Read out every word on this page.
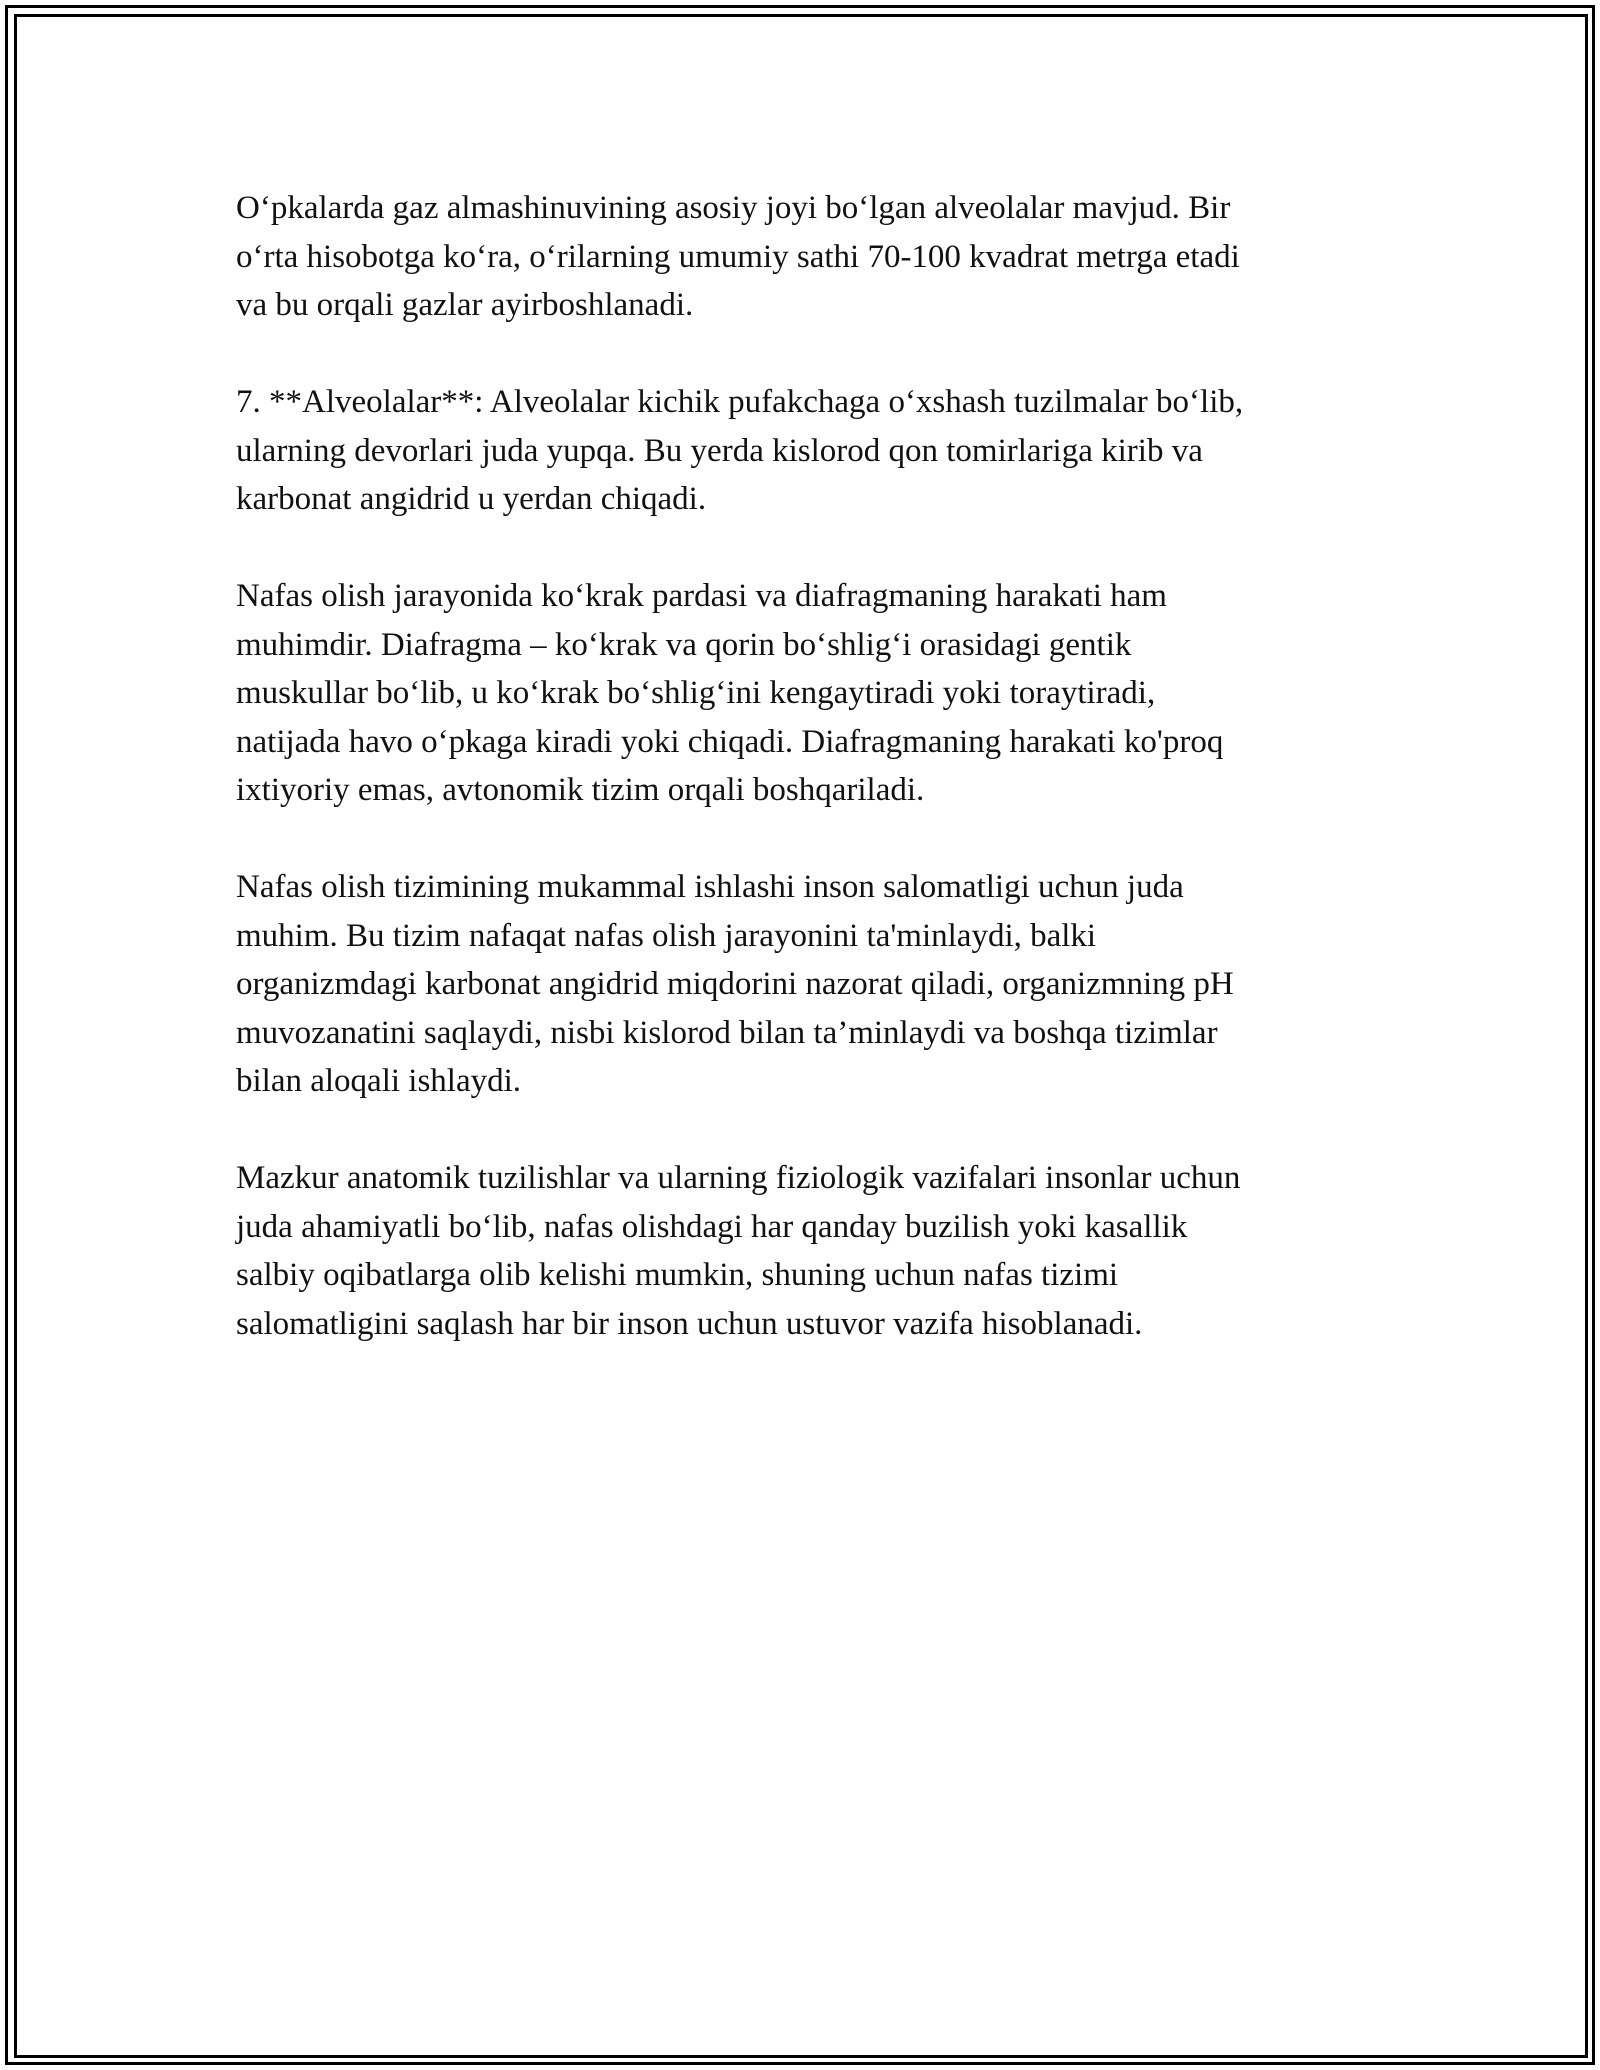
O‘pkalarda gaz almashinuvining asosiy joyi bo‘lgan alveolalar mavjud. Bir
o‘rta hisobotga ko‘ra, o‘rilarning umumiy sathi 70-100 kvadrat metrga etadi
va bu orqali gazlar ayirboshlanadi.

7. **Alveolalar**: Alveolalar kichik pufakchaga o‘xshash tuzilmalar bo‘lib,
ularning devorlari juda yupqa. Bu yerda kislorod qon tomirlariga kirib va
karbonat angidrid u yerdan chiqadi.

Nafas olish jarayonida ko‘krak pardasi va diafragmaning harakati ham
muhimdir. Diafragma – ko‘krak va qorin bo‘shlig‘i orasidagi gentik
muskullar bo‘lib, u ko‘krak bo‘shlig‘ini kengaytiradi yoki toraytiradi,
natijada havo o‘pkaga kiradi yoki chiqadi. Diafragmaning harakati ko'proq
ixtiyoriy emas, avtonomik tizim orqali boshqariladi.

Nafas olish tizimining mukammal ishlashi inson salomatligi uchun juda
muhim. Bu tizim nafaqat nafas olish jarayonini ta'minlaydi, balki
organizmdagi karbonat angidrid miqdorini nazorat qiladi, organizmning pH
muvozanatini saqlaydi, nisbi kislorod bilan ta’minlaydi va boshqa tizimlar
bilan aloqali ishlaydi.

Mazkur anatomik tuzilishlar va ularning fiziologik vazifalari insonlar uchun
juda ahamiyatli bo‘lib, nafas olishdagi har qanday buzilish yoki kasallik
salbiy oqibatlarga olib kelishi mumkin, shuning uchun nafas tizimi
salomatligini saqlash har bir inson uchun ustuvor vazifa hisoblanadi.
